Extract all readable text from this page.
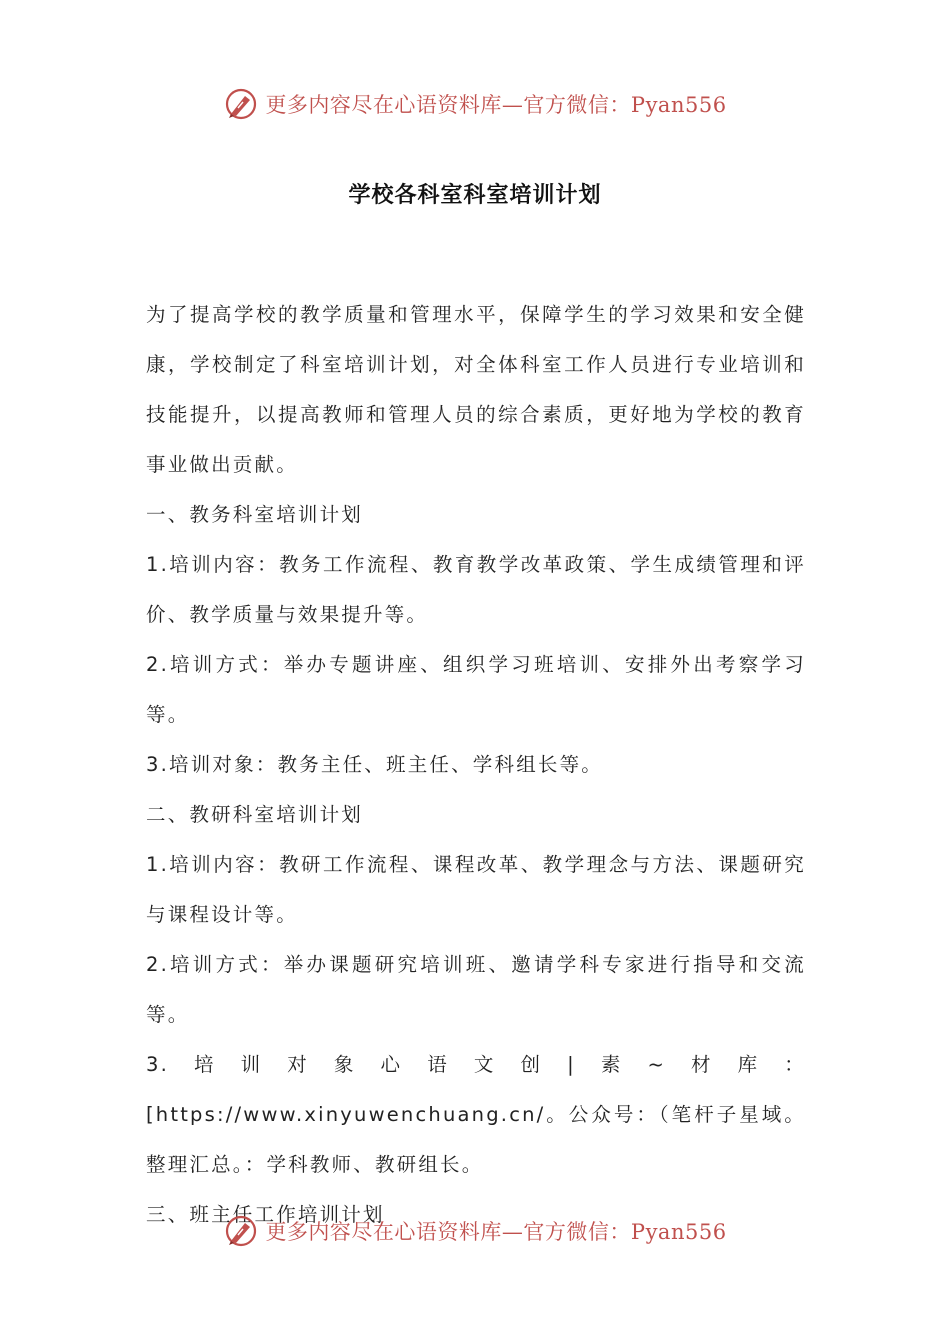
更多内容尽在心语资料库—官方微信：Pyan556
学校各科室科室培训计划

为了提高学校的教学质量和管理水平，保障学生的学习效果和安全健康，学校制定了科室培训计划，对全体科室工作人员进行专业培训和技能提升，以提高教师和管理人员的综合素质，更好地为学校的教育事业做出贡献。

一、教务科室培训计划

1.培训内容：教务工作流程、教育教学改革政策、学生成绩管理和评价、教学质量与效果提升等。

2.培训方式：举办专题讲座、组织学习班培训、安排外出考察学习等。

3.培训对象：教务主任、班主任、学科组长等。

二、教研科室培训计划

1.培训内容：教研工作流程、课程改革、教学理念与方法、课题研究与课程设计等。

2.培训方式：举办课题研究培训班、邀请学科专家进行指导和交流等。

3.培训对象心语文创|素~材库：[https://www.xinyuwenchuang.cn/。公众号：（笔杆子星域。整理汇总。：学科教师、教研组长。

三、班主任工作培训计划

更多内容尽在心语资料库—官方微信：Pyan556
